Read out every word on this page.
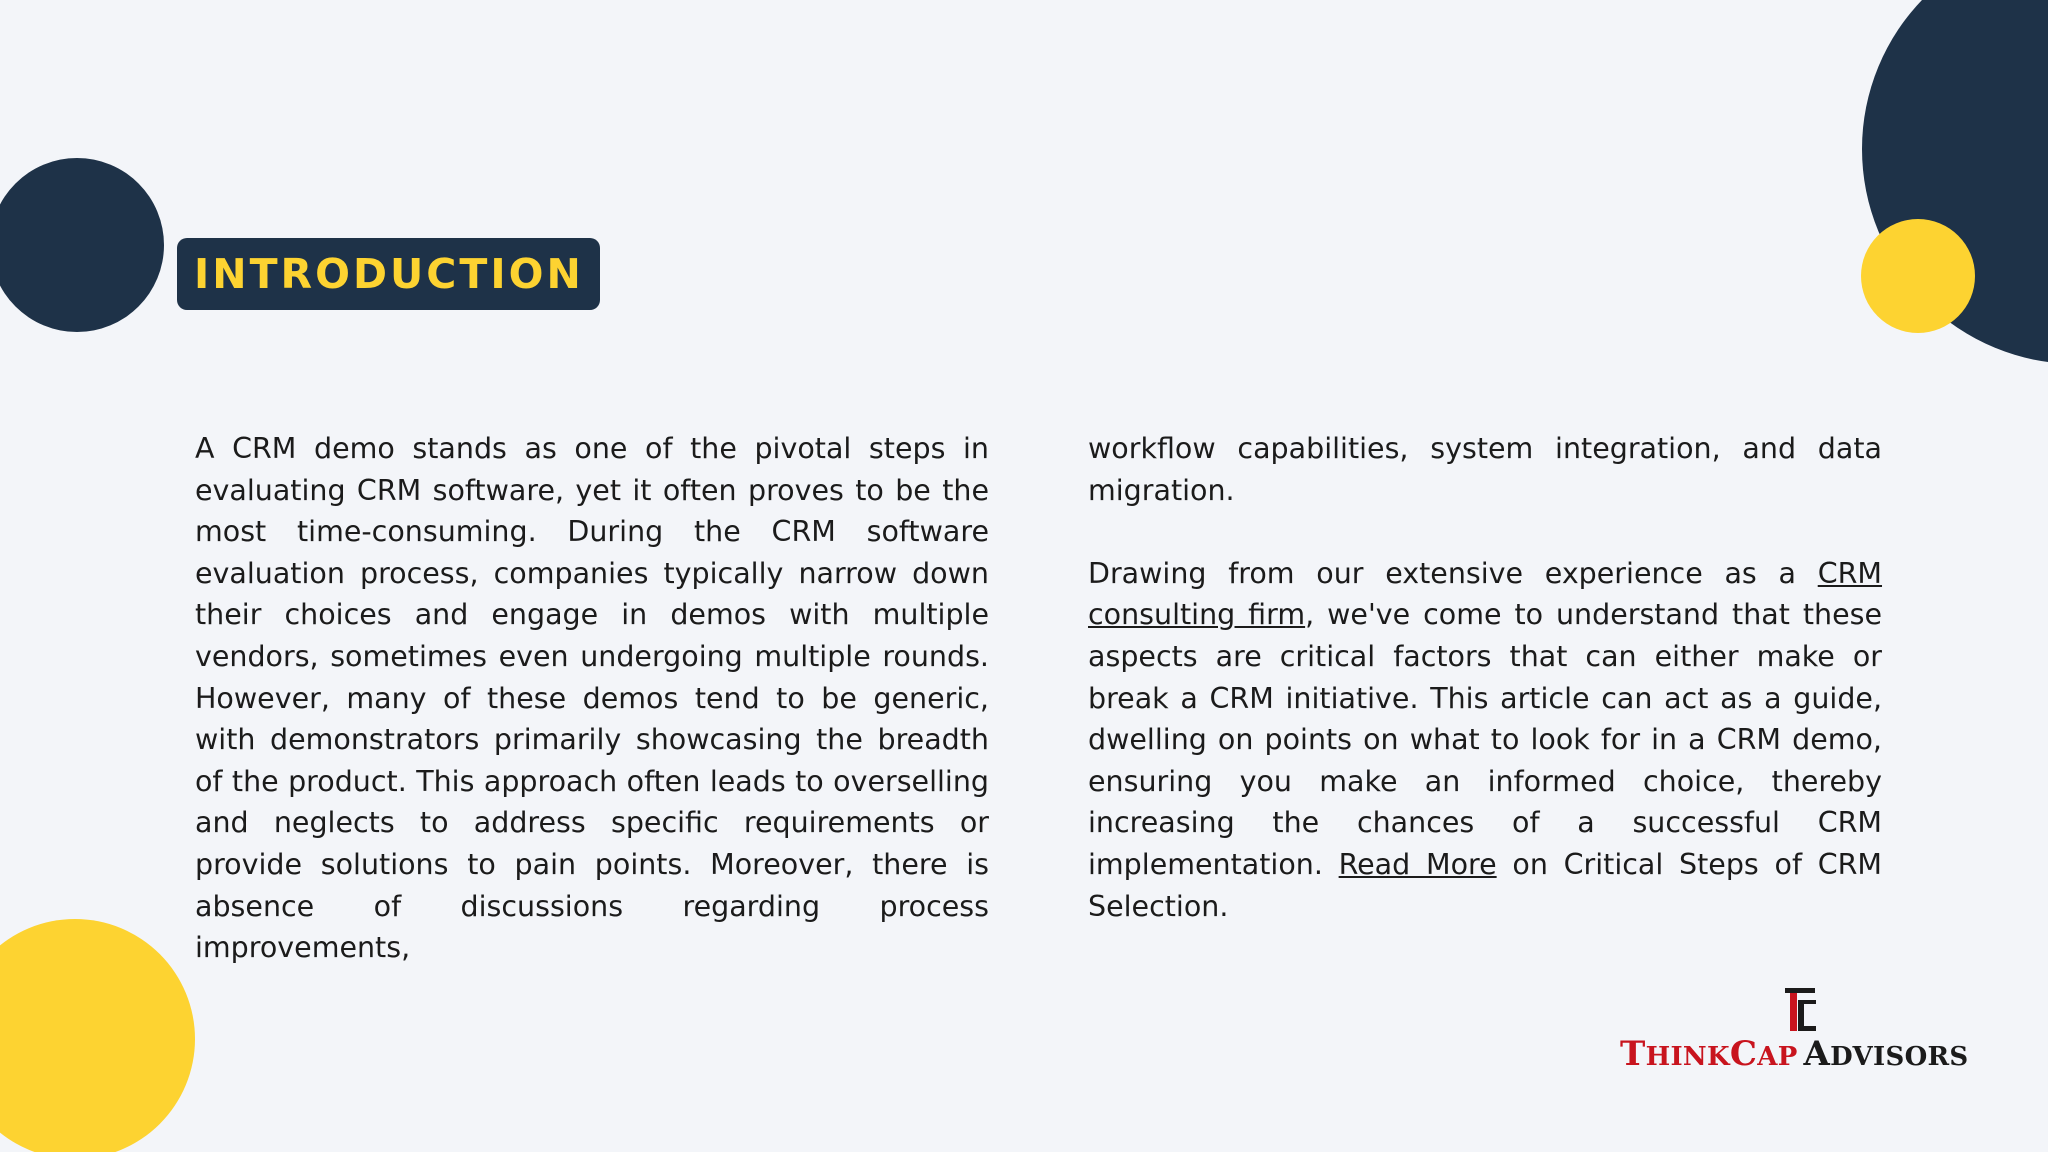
INTRODUCTION

A CRM demo stands as one of the pivotal steps in evaluating CRM software, yet it often proves to be the most time-consuming. During the CRM software evaluation process, companies typically narrow down their choices and engage in demos with multiple vendors, sometimes even undergoing multiple rounds. However, many of these demos tend to be generic, with demonstrators primarily showcasing the breadth of the product. This approach often leads to overselling and neglects to address specific requirements or provide solutions to pain points. Moreover, there is absence of discussions regarding process improvements,

workflow capabilities, system integration, and data migration.

Drawing from our extensive experience as a CRM consulting firm, we've come to understand that these aspects are critical factors that can either make or break a CRM initiative. This article can act as a guide, dwelling on points on what to look for in a CRM demo, ensuring you make an informed choice, thereby increasing the chances of a successful CRM implementation. Read More on Critical Steps of CRM Selection.

THINKCAP ADVISORS
